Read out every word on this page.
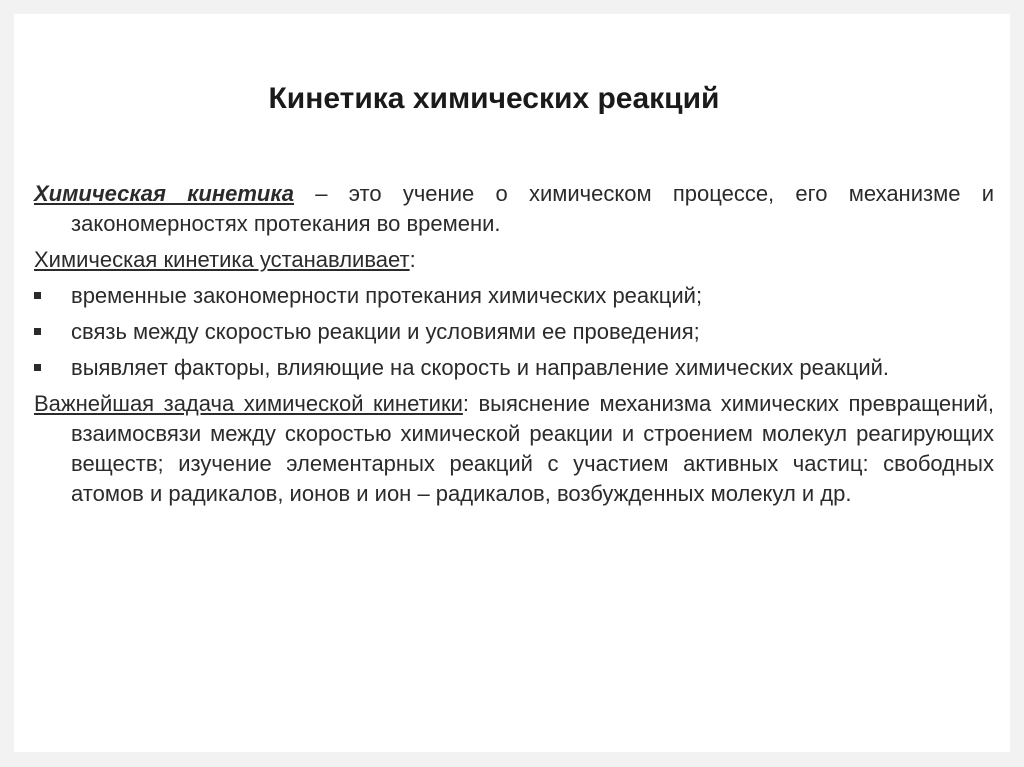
Кинетика химических реакций

Химическая кинетика – это учение о химическом процессе, его механизме и закономерностях протекания во времени.

Химическая кинетика устанавливает:

временные закономерности протекания химических реакций;
связь между скоростью реакции и условиями ее проведения;
выявляет факторы, влияющие на скорость и направление химических реакций.

Важнейшая задача химической кинетики: выяснение механизма химических превращений, взаимосвязи между скоростью химической реакции и строением молекул реагирующих веществ; изучение элементарных реакций с участием активных частиц: свободных атомов и радикалов, ионов и ион – радикалов, возбужденных молекул и др.
